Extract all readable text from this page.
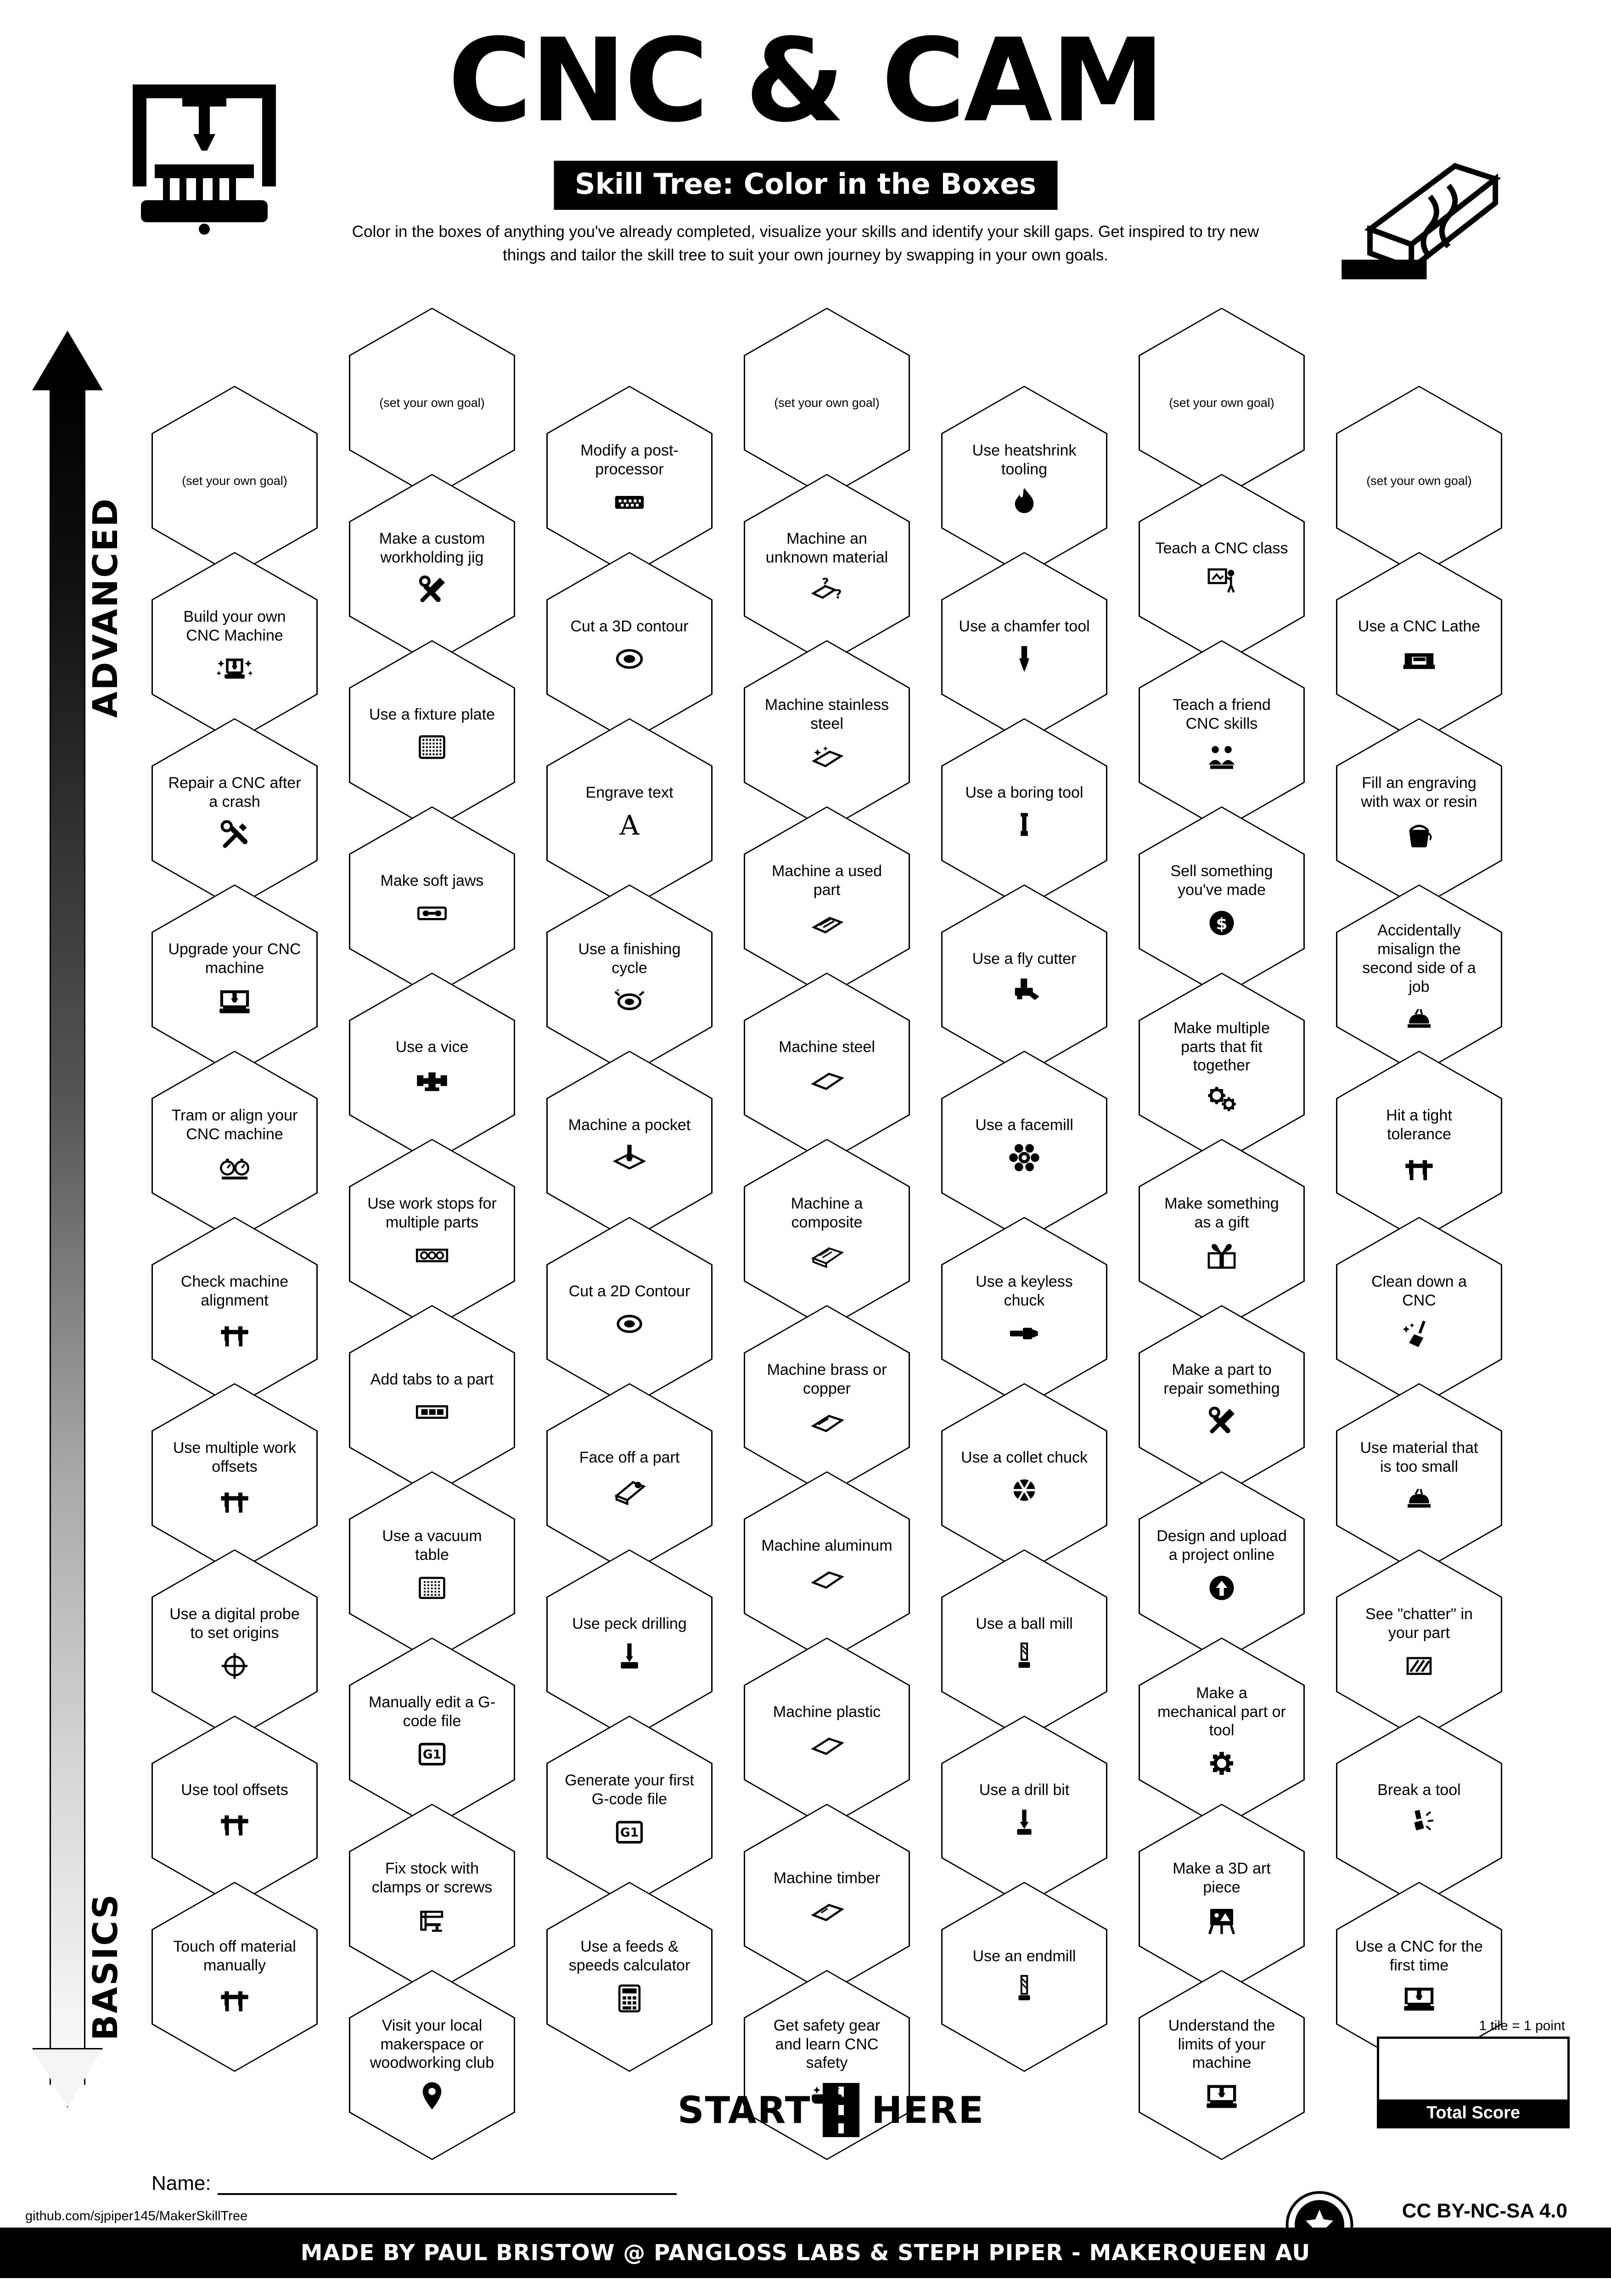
CNC & CAM
Skill Tree: Color in the Boxes
Color in the boxes of anything you've already completed, visualize your skills and identify your skill gaps. Get inspired to try new things and tailor the skill tree to suit your own journey by swapping in your own goals.
ADVANCED
BASICS
(set your own goal)
Build your own CNC Machine
Repair a CNC after a crash
Upgrade your CNC machine
Tram or align your CNC machine
Check machine alignment
Use multiple work offsets
Use a digital probe to set origins
Use tool offsets
Touch off material manually
(set your own goal)
Make a custom workholding jig
Use a fixture plate
Make soft jaws
Use a vice
Use work stops for multiple parts
Add tabs to a part
Use a vacuum table
Manually edit a G-code file
G1
Fix stock with clamps or screws
Visit your local makerspace or woodworking club
Modify a post-processor
Cut a 3D contour
Engrave text
A
Use a finishing cycle
Machine a pocket
Cut a 2D Contour
Face off a part
Use peck drilling
Generate your first G-code file
G1
Use a feeds & speeds calculator
(set your own goal)
Machine an unknown material
?
?
Machine stainless steel
Machine a used part
Machine steel
Machine a composite
Machine brass or copper
Machine aluminum
Machine plastic
Machine timber
Get safety gear and learn CNC safety
Use heatshrink tooling
Use a chamfer tool
Use a boring tool
Use a fly cutter
Use a facemill
Use a keyless chuck
Use a collet chuck
Use a ball mill
Use a drill bit
Use an endmill
(set your own goal)
Teach a CNC class
Teach a friend CNC skills
Sell something you've made
$
Make multiple parts that fit together
Make something as a gift
Make a part to repair something
Design and upload a project online
Make a mechanical part or tool
Make a 3D art piece
Understand the limits of your machine
(set your own goal)
Use a CNC Lathe
Fill an engraving with wax or resin
Accidentally misalign the second side of a job
Hit a tight tolerance
Clean down a CNC
Use material that is too small
See "chatter" in your part
Break a tool
Use a CNC for the first time
START HERE
1 tile = 1 point
Total Score
Name:
github.com/sjpiper145/MakerSkillTree	CC BY-NC-SA 4.0
MADE BY PAUL BRISTOW @ PANGLOSS LABS & STEPH PIPER - MAKERQUEEN AU
